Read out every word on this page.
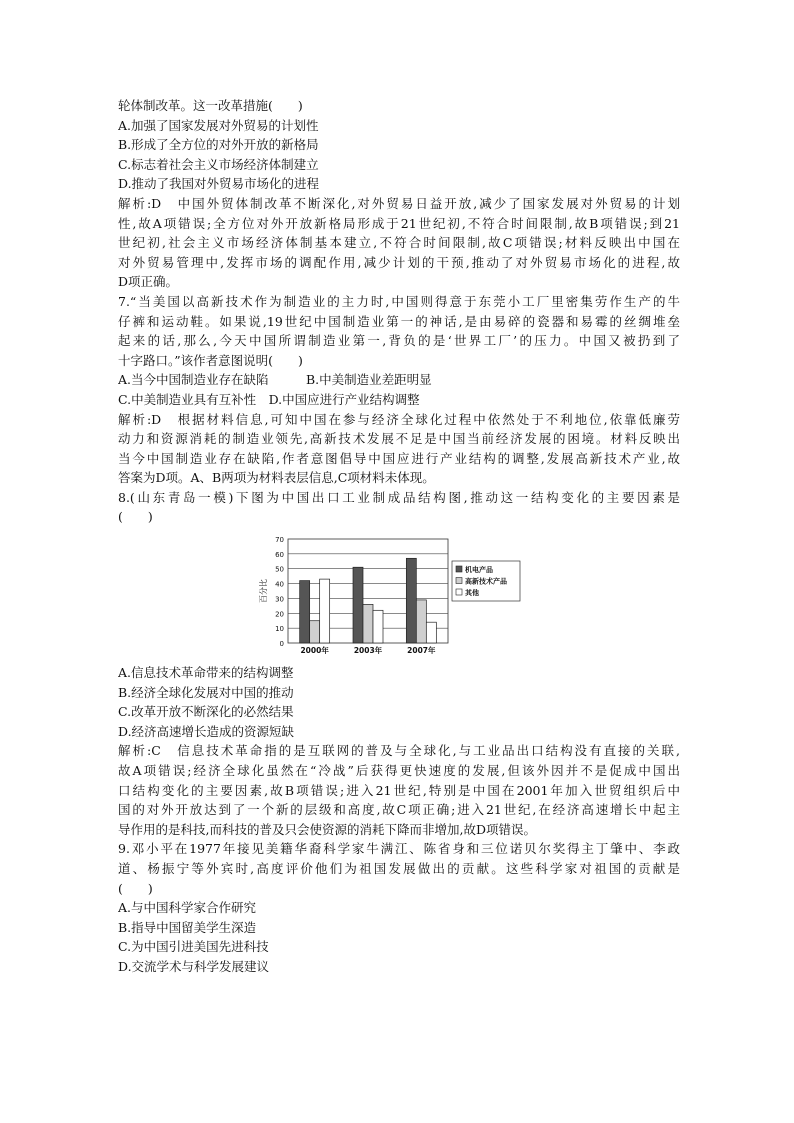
轮体制改革。这一改革措施(　　)
A.加强了国家发展对外贸易的计划性
B.形成了全方位的对外开放的新格局
C.标志着社会主义市场经济体制建立
D.推动了我国对外贸易市场化的进程
解析:D　中国外贸体制改革不断深化,对外贸易日益开放,减少了国家发展对外贸易的计划
性,故A项错误;全方位对外开放新格局形成于21世纪初,不符合时间限制,故B项错误;到21
世纪初,社会主义市场经济体制基本建立,不符合时间限制,故C项错误;材料反映出中国在
对外贸易管理中,发挥市场的调配作用,减少计划的干预,推动了对外贸易市场化的进程,故
D项正确。
7.“当美国以高新技术作为制造业的主力时,中国则得意于东莞小工厂里密集劳作生产的牛
仔裤和运动鞋。如果说,19世纪中国制造业第一的神话,是由易碎的瓷器和易霉的丝绸堆垒
起来的话,那么,今天中国所谓制造业第一,背负的是‘世界工厂’的压力。中国又被扔到了
十字路口。”该作者意图说明(　　)
A.当今中国制造业存在缺陷　　　B.中美制造业差距明显
C.中美制造业具有互补性　D.中国应进行产业结构调整
解析:D　根据材料信息,可知中国在参与经济全球化过程中依然处于不利地位,依靠低廉劳
动力和资源消耗的制造业领先,高新技术发展不足是中国当前经济发展的困境。材料反映出
当今中国制造业存在缺陷,作者意图倡导中国应进行产业结构的调整,发展高新技术产业,故
答案为D项。A、B两项为材料表层信息,C项材料未体现。
8.(山东青岛一模)下图为中国出口工业制成品结构图,推动这一结构变化的主要因素是
(　　)
0
10
20
30
40
50
60
70
百分比
2000年	2003年	2007年
机电产品
高新技术产品
其他
A.信息技术革命带来的结构调整
B.经济全球化发展对中国的推动
C.改革开放不断深化的必然结果
D.经济高速增长造成的资源短缺
解析:C　信息技术革命指的是互联网的普及与全球化,与工业品出口结构没有直接的关联,
故A项错误;经济全球化虽然在“冷战”后获得更快速度的发展,但该外因并不是促成中国出
口结构变化的主要因素,故B项错误;进入21世纪,特别是中国在2001年加入世贸组织后中
国的对外开放达到了一个新的层级和高度,故C项正确;进入21世纪,在经济高速增长中起主
导作用的是科技,而科技的普及只会使资源的消耗下降而非增加,故D项错误。
9.邓小平在1977年接见美籍华裔科学家牛满江、陈省身和三位诺贝尔奖得主丁肇中、李政
道、杨振宁等外宾时,高度评价他们为祖国发展做出的贡献。这些科学家对祖国的贡献是
(　　)
A.与中国科学家合作研究
B.指导中国留美学生深造
C.为中国引进美国先进科技
D.交流学术与科学发展建议
